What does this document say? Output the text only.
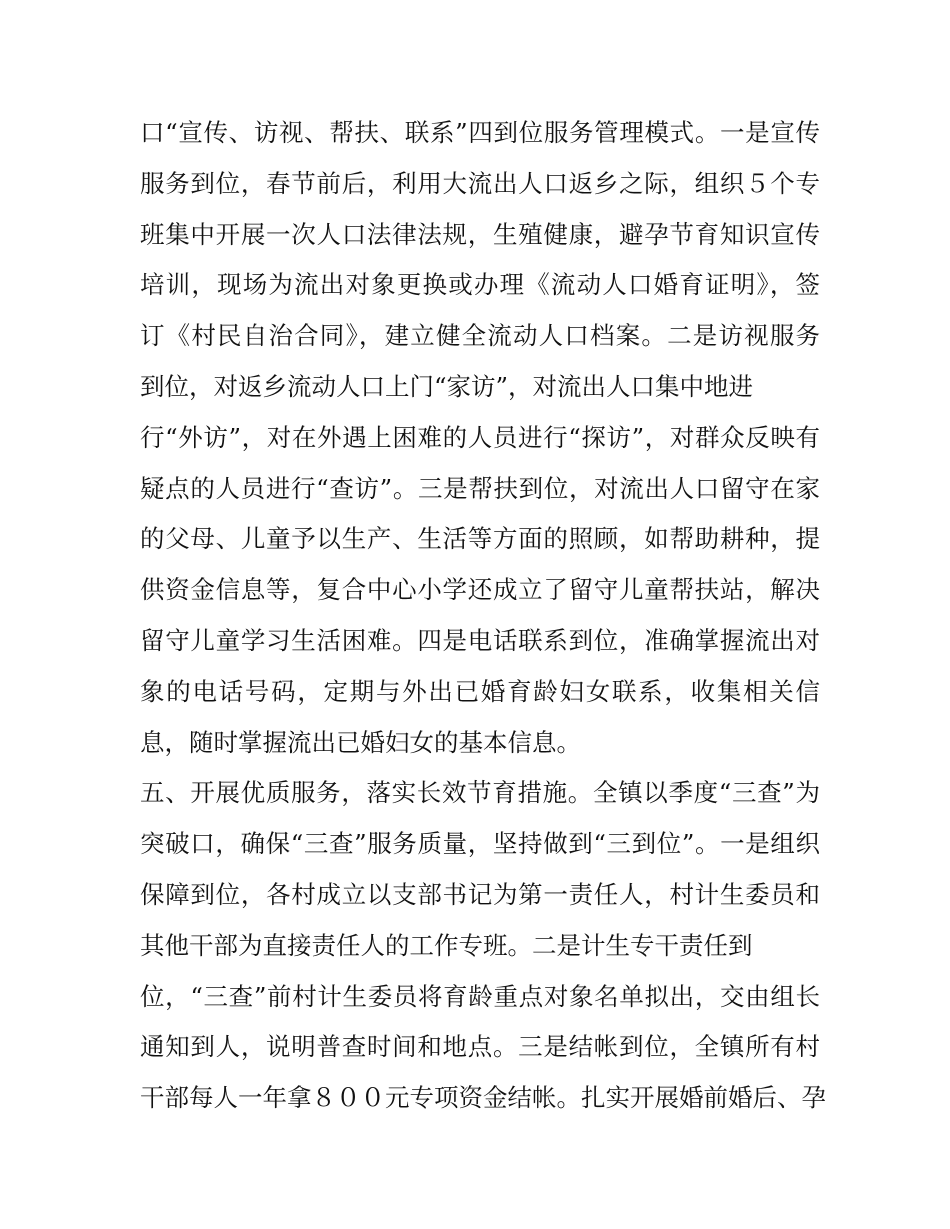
口“宣传、访视、帮扶、联系”四到位服务管理模式。一是宣传
服务到位，春节前后，利用大流出人口返乡之际，组织５个专
班集中开展一次人口法律法规，生殖健康，避孕节育知识宣传
培训，现场为流出对象更换或办理《流动人口婚育证明》，签
订《村民自治合同》，建立健全流动人口档案。二是访视服务
到位，对返乡流动人口上门“家访”，对流出人口集中地进
行“外访”，对在外遇上困难的人员进行“探访”，对群众反映有
疑点的人员进行“查访”。三是帮扶到位，对流出人口留守在家
的父母、儿童予以生产、生活等方面的照顾，如帮助耕种，提
供资金信息等，复合中心小学还成立了留守儿童帮扶站，解决
留守儿童学习生活困难。四是电话联系到位，准确掌握流出对
象的电话号码，定期与外出已婚育龄妇女联系，收集相关信
息，随时掌握流出已婚妇女的基本信息。
五、开展优质服务，落实长效节育措施。全镇以季度“三查”为
突破口，确保“三查”服务质量，坚持做到“三到位”。一是组织
保障到位，各村成立以支部书记为第一责任人，村计生委员和
其他干部为直接责任人的工作专班。二是计生专干责任到
位，“三查”前村计生委员将育龄重点对象名单拟出，交由组长
通知到人，说明普查时间和地点。三是结帐到位，全镇所有村
干部每人一年拿８００元专项资金结帐。扎实开展婚前婚后、孕
